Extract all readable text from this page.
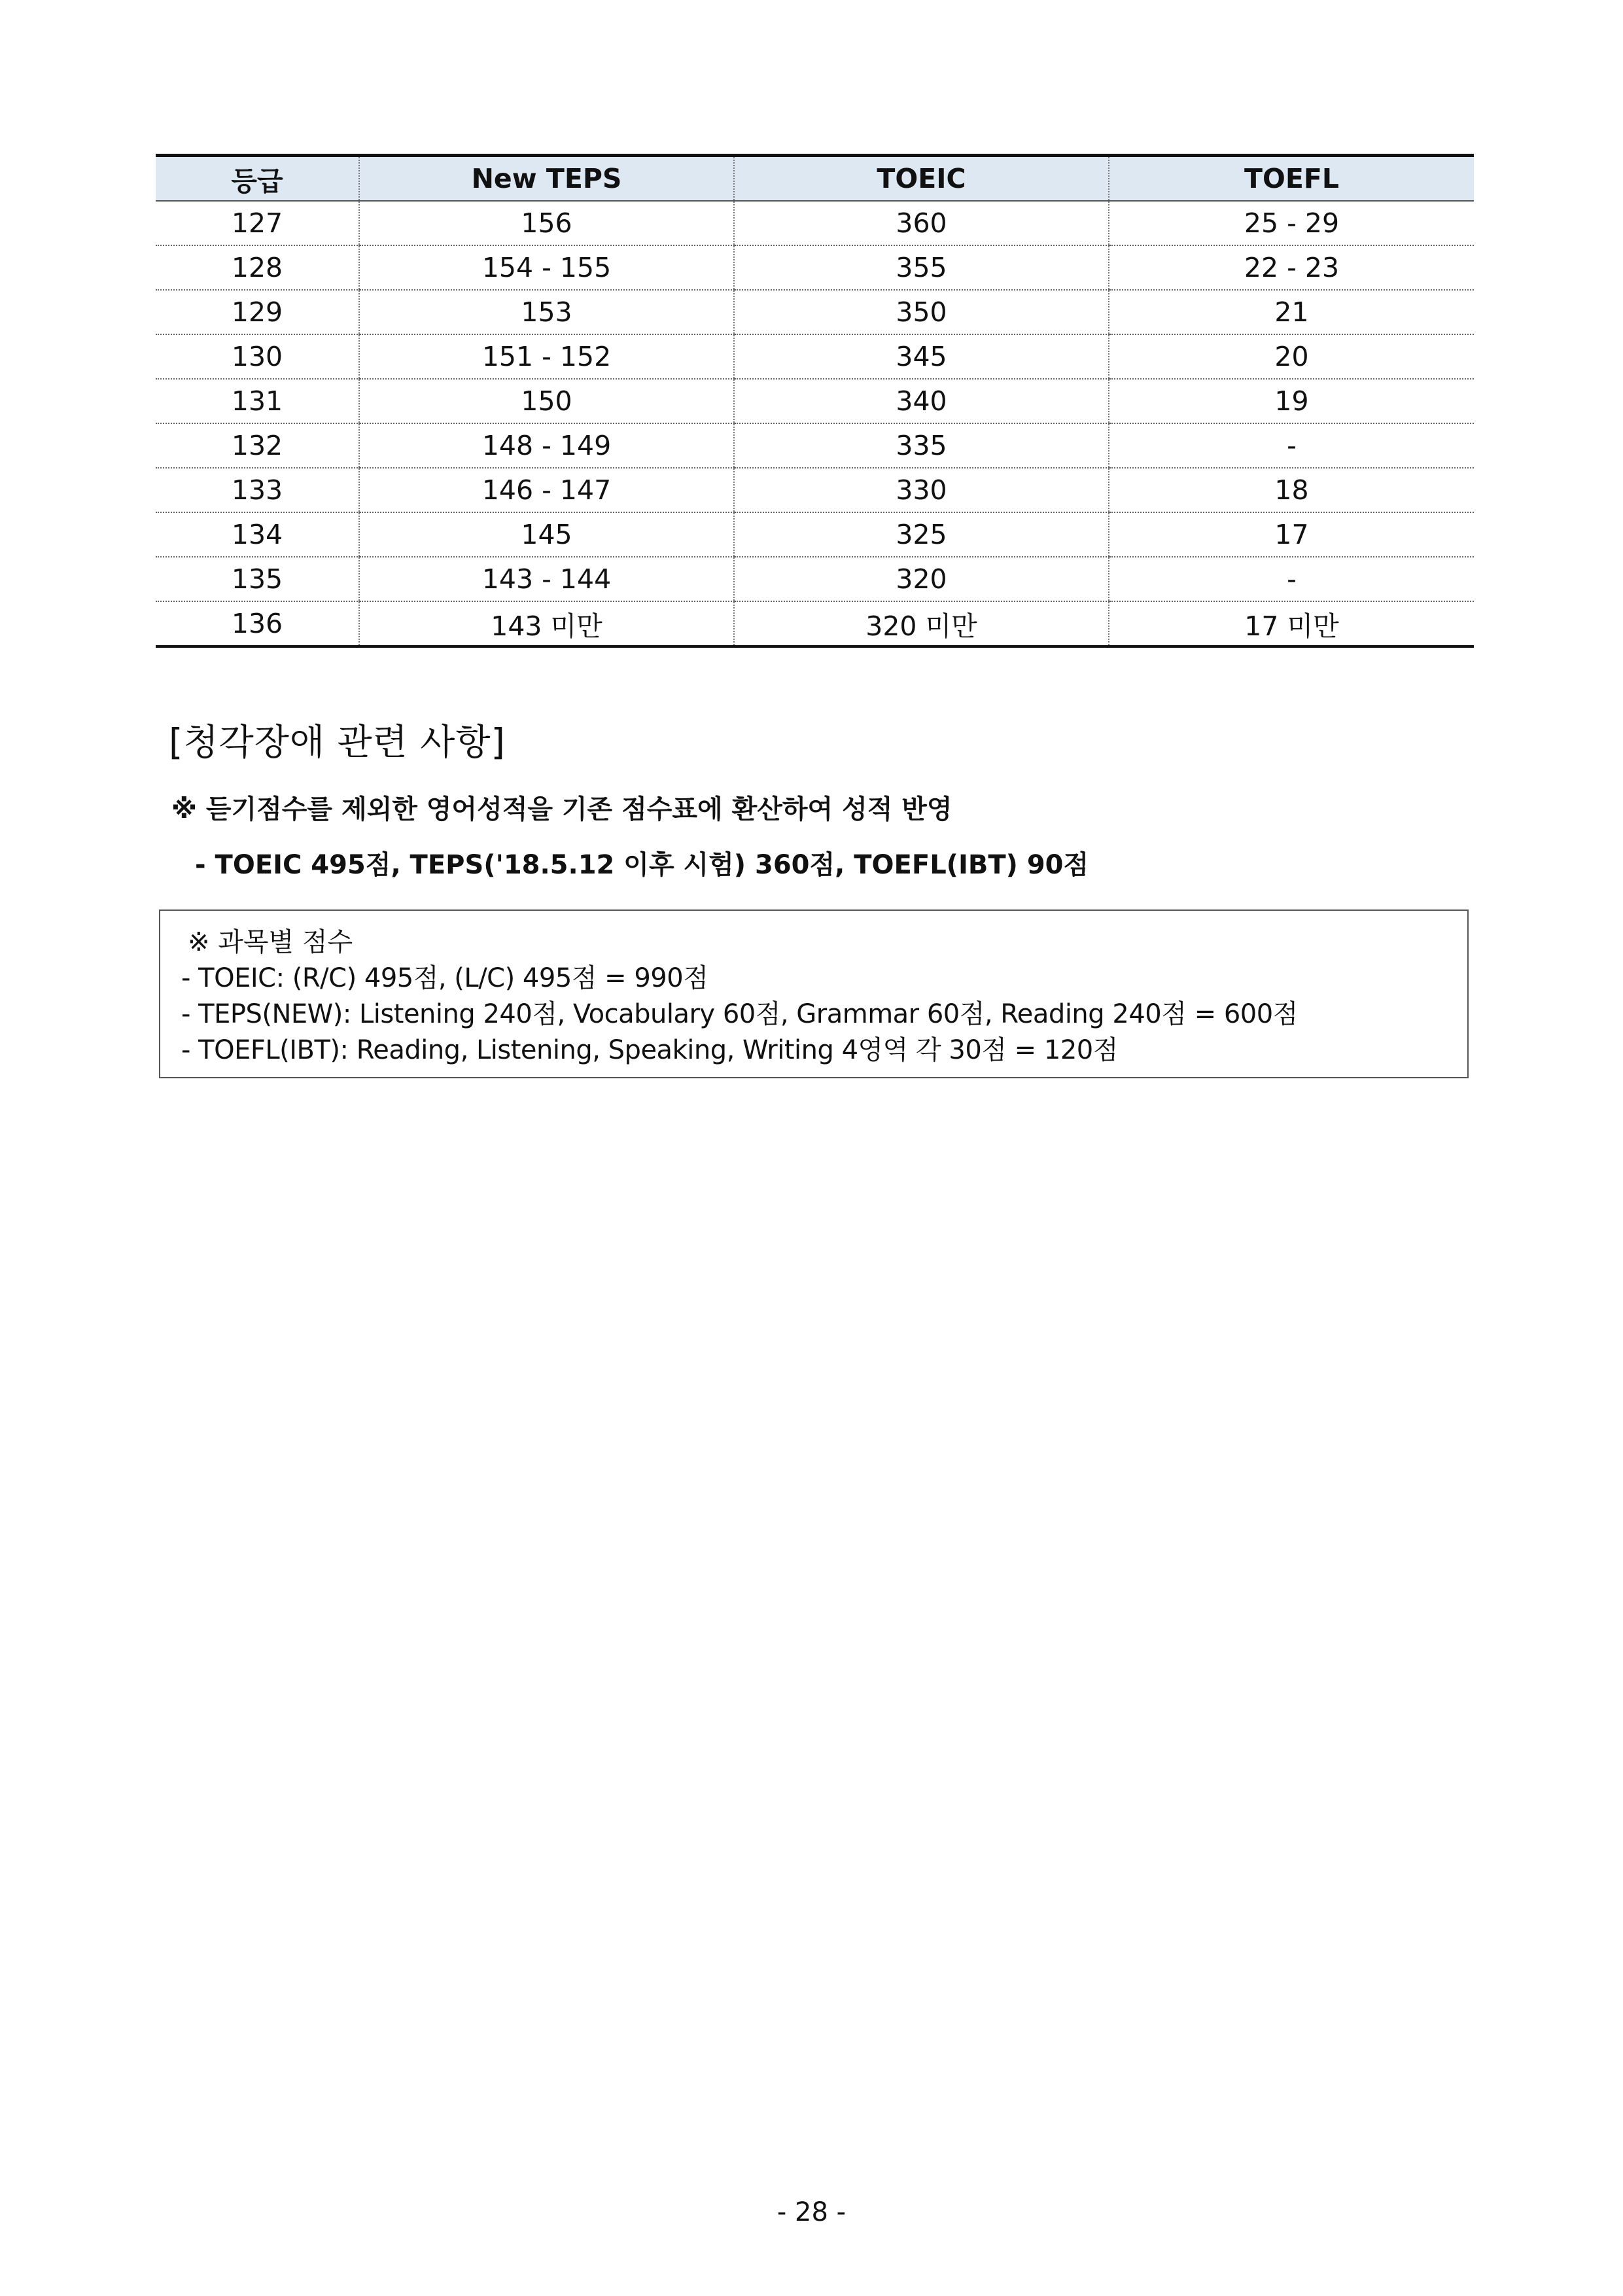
등급	New TEPS	TOEIC	TOEFL
127	156	360	25 - 29
128	154 - 155	355	22 - 23
129	153	350	21
130	151 - 152	345	20
131	150	340	19
132	148 - 149	335	-
133	146 - 147	330	18
134	145	325	17
135	143 - 144	320	-
136	143 미만	320 미만	17 미만
[청각장애 관련 사항]

※ 듣기점수를 제외한 영어성적을 기존 점수표에 환산하여 성적 반영

- TOEIC 495점, TEPS('18.5.12 이후 시험) 360점, TOEFL(IBT) 90점

※ 과목별 점수
- TOEIC: (R/C) 495점, (L/C) 495점 = 990점
- TEPS(NEW): Listening 240점, Vocabulary 60점, Grammar 60점, Reading 240점 = 600점
- TOEFL(IBT): Reading, Listening, Speaking, Writing 4영역 각 30점 = 120점
- 28 -
